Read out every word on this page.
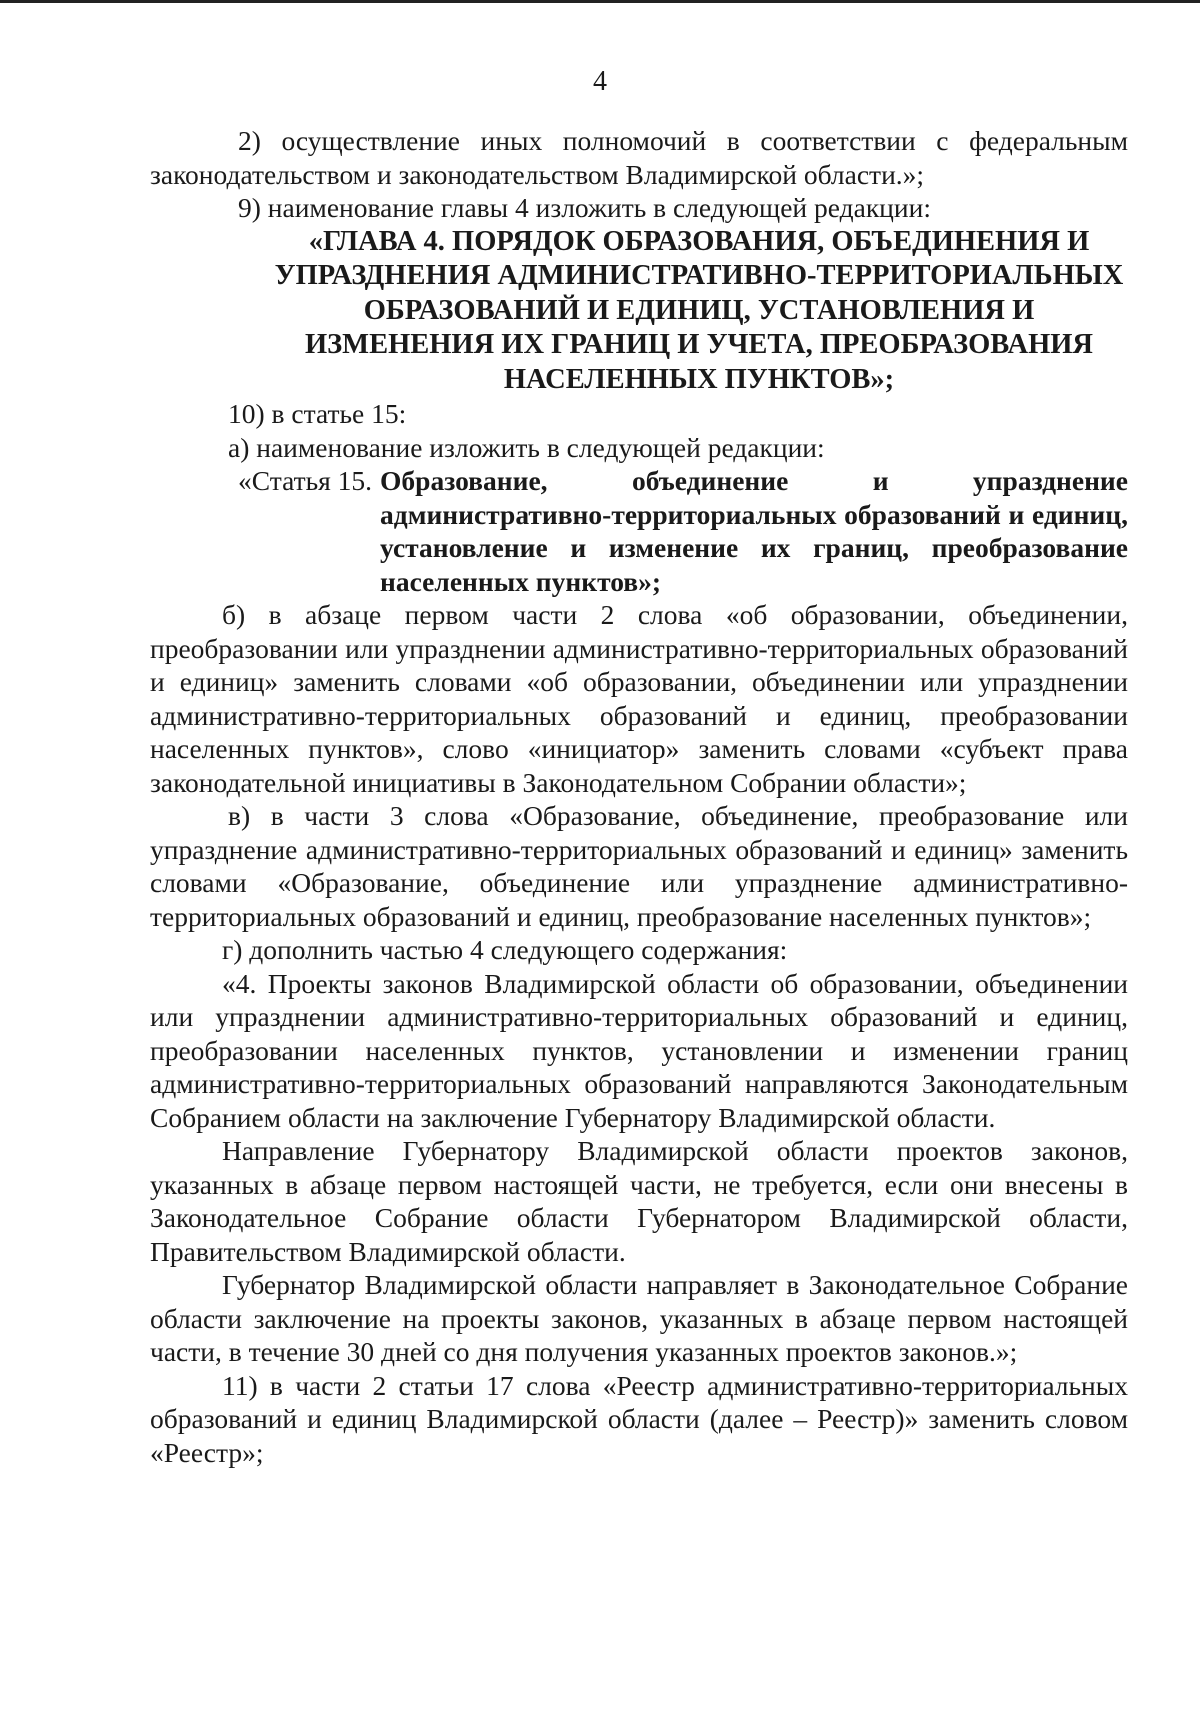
4

2) осуществление иных полномочий в соответствии с федеральным законодательством и законодательством Владимирской области.»;

9) наименование главы 4 изложить в следующей редакции:

«ГЛАВА 4. ПОРЯДОК ОБРАЗОВАНИЯ, ОБЪЕДИНЕНИЯ И УПРАЗДНЕНИЯ АДМИНИСТРАТИВНО-ТЕРРИТОРИАЛЬНЫХ ОБРАЗОВАНИЙ И ЕДИНИЦ, УСТАНОВЛЕНИЯ И ИЗМЕНЕНИЯ ИХ ГРАНИЦ И УЧЕТА, ПРЕОБРАЗОВАНИЯ НАСЕЛЕННЫХ ПУНКТОВ»;

10) в статье 15:

а) наименование изложить в следующей редакции:

«Статья 15. Образование, объединение и упразднение административно-территориальных образований и единиц, установление и изменение их границ, преобразование населенных пунктов»;

б) в абзаце первом части 2 слова «об образовании, объединении, преобразовании или упразднении административно-территориальных образований и единиц» заменить словами «об образовании, объединении или упразднении административно-территориальных образований и единиц, преобразовании населенных пунктов», слово «инициатор» заменить словами «субъект права законодательной инициативы в Законодательном Собрании области»;

в) в части 3 слова «Образование, объединение, преобразование или упразднение административно-территориальных образований и единиц» заменить словами «Образование, объединение или упразднение административно-территориальных образований и единиц, преобразование населенных пунктов»;

г) дополнить частью 4 следующего содержания:

«4. Проекты законов Владимирской области об образовании, объединении или упразднении административно-территориальных образований и единиц, преобразовании населенных пунктов, установлении и изменении границ административно-территориальных образований направляются Законодательным Собранием области на заключение Губернатору Владимирской области.

Направление Губернатору Владимирской области проектов законов, указанных в абзаце первом настоящей части, не требуется, если они внесены в Законодательное Собрание области Губернатором Владимирской области, Правительством Владимирской области.

Губернатор Владимирской области направляет в Законодательное Собрание области заключение на проекты законов, указанных в абзаце первом настоящей части, в течение 30 дней со дня получения указанных проектов законов.»;

11) в части 2 статьи 17 слова «Реестр административно-территориальных образований и единиц Владимирской области (далее – Реестр)» заменить словом «Реестр»;
